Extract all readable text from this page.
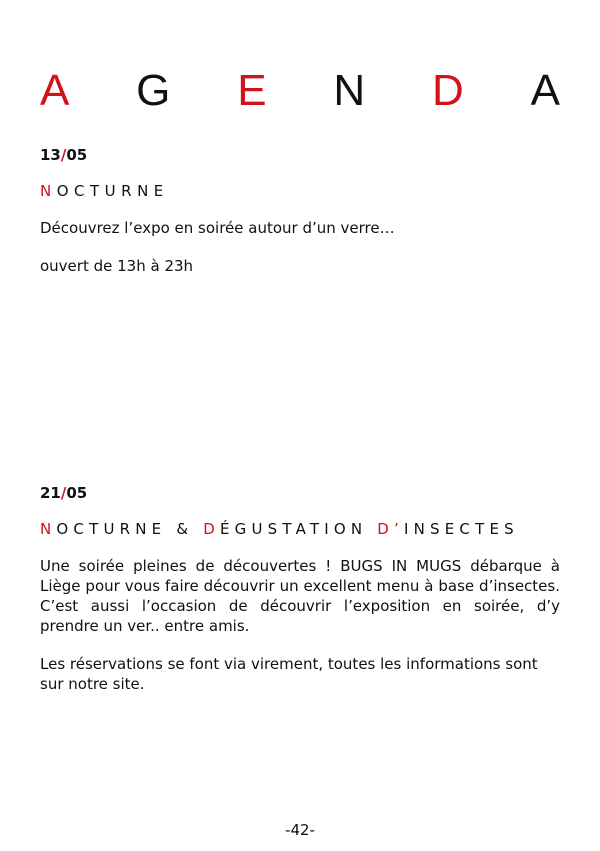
A G E N D A
13/05
NOCTURNE

Découvrez l’expo en soirée autour d’un verre…

ouvert de 13h à 23h

21/05
NOCTURNE & DÉGUSTATION D’INSECTES

Une soirée pleines de découvertes ! BUGS IN MUGS débarque à Liège pour vous faire découvrir un excellent menu à base d’insectes. C’est aussi l’occasion de découvrir l’exposition en soirée, d’y prendre un ver.. entre amis.

Les réservations se font via virement, toutes les informations sont sur notre site.

-42-
